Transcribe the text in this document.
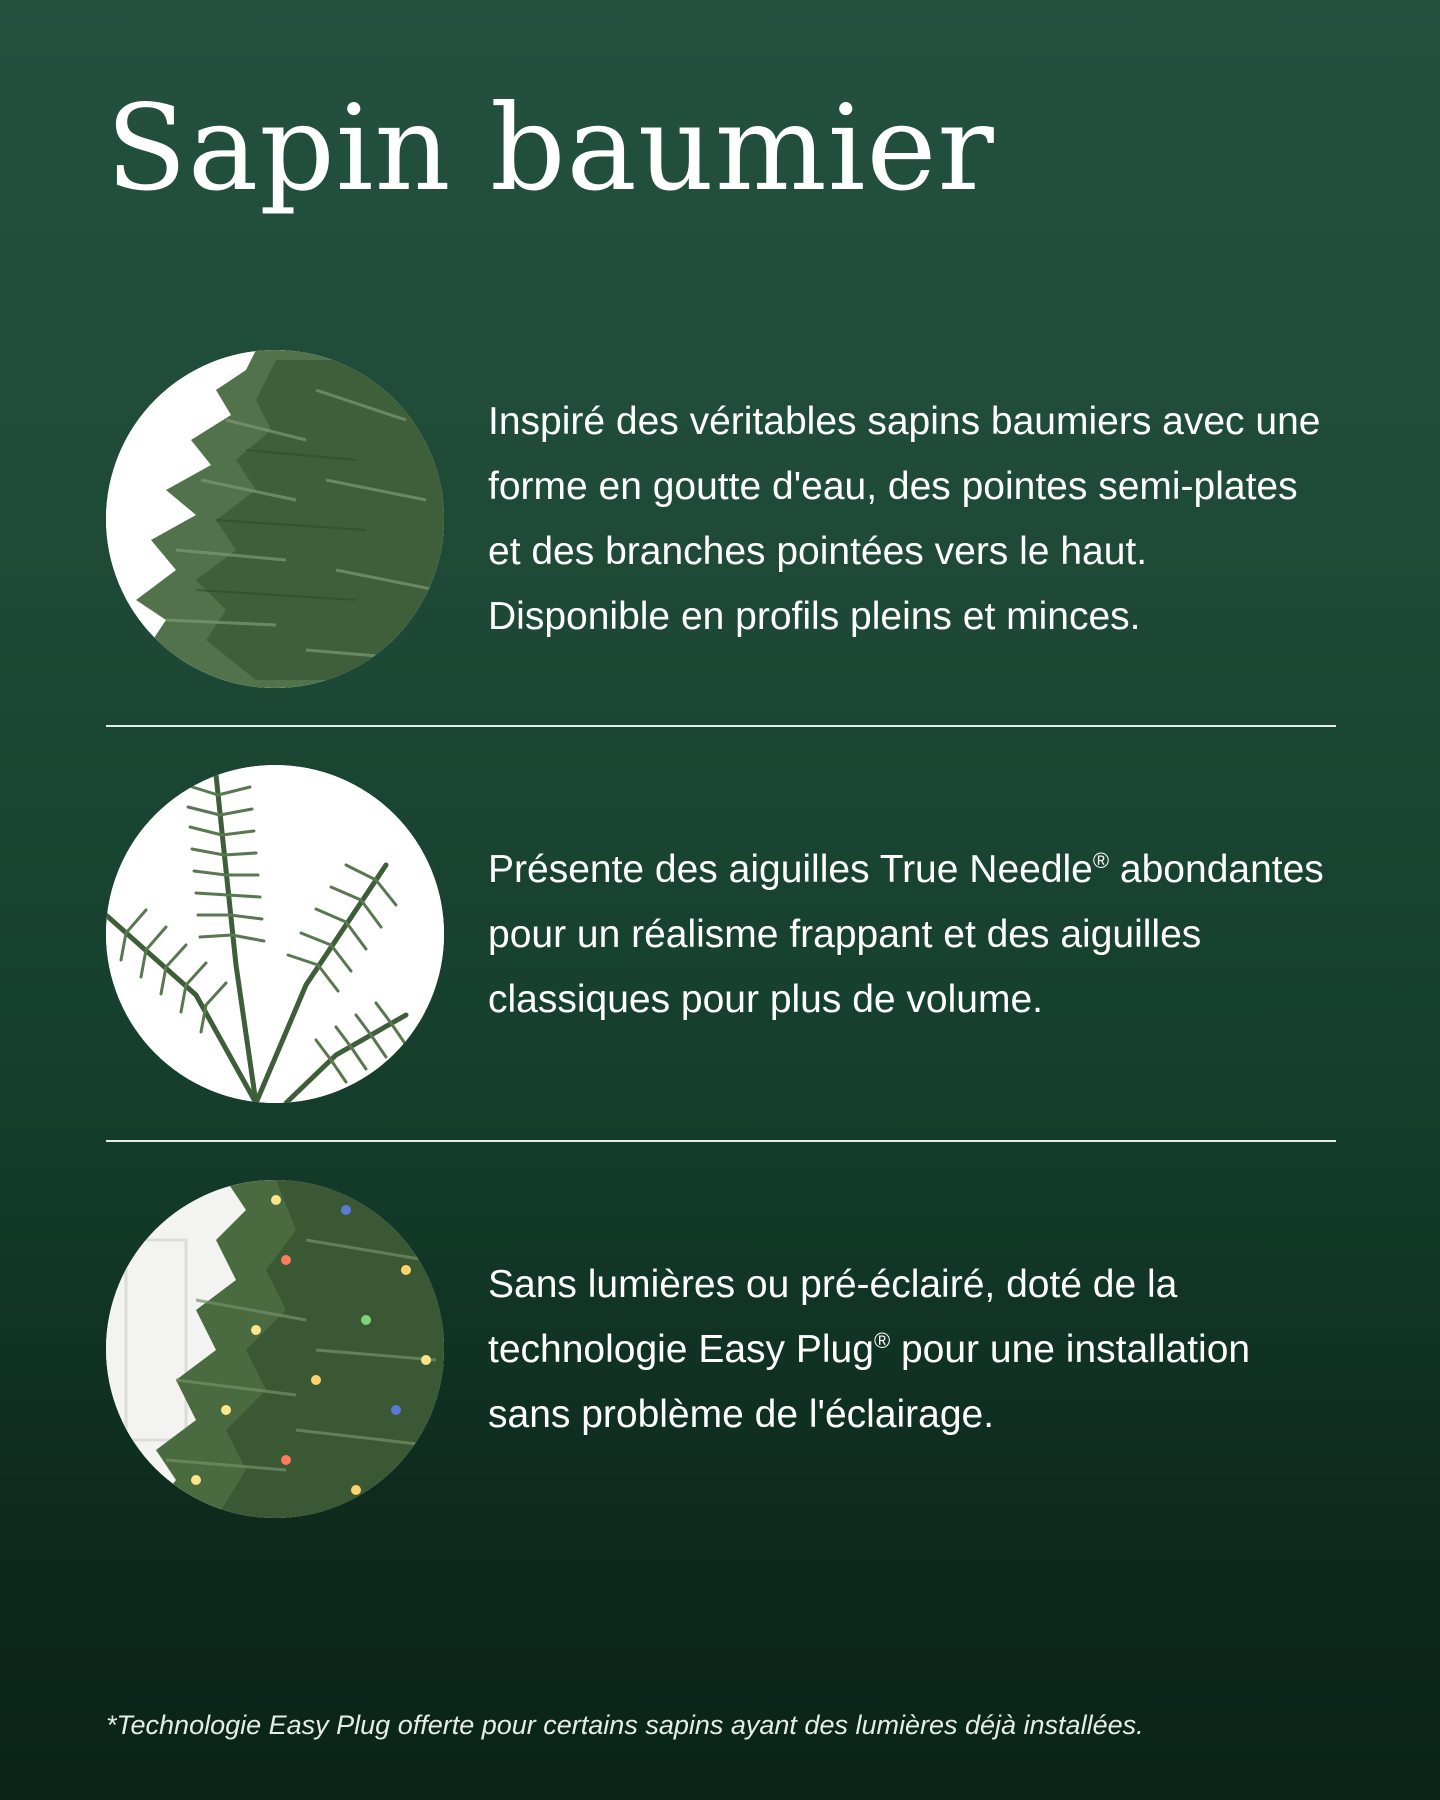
Sapin baumier

Inspiré des véritables sapins baumiers avec une forme en goutte d'eau, des pointes semi-plates et des branches pointées vers le haut. Disponible en profils pleins et minces.

Présente des aiguilles True Needle® abondantes pour un réalisme frappant et des aiguilles classiques pour plus de volume.

Sans lumières ou pré-éclairé, doté de la technologie Easy Plug® pour une installation sans problème de l'éclairage.

*Technologie Easy Plug offerte pour certains sapins ayant des lumières déjà installées.
